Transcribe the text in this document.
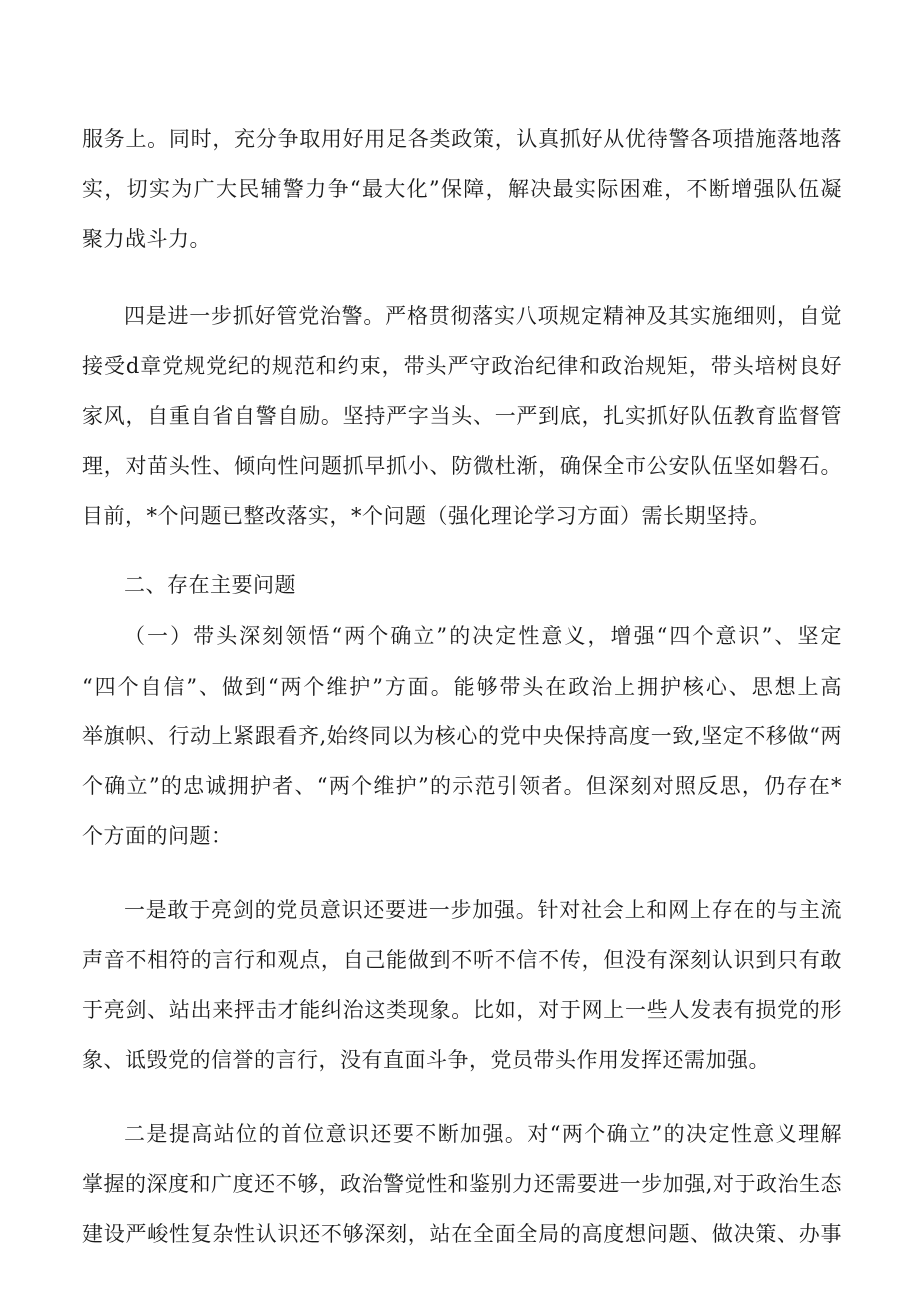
服务上。同时，充分争取用好用足各类政策，认真抓好从优待警各项措施落地落
实，切实为广大民辅警力争“最大化”保障，解决最实际困难，不断增强队伍凝
聚力战斗力。
四是进一步抓好管党治警。严格贯彻落实八项规定精神及其实施细则，自觉
接受d章党规党纪的规范和约束，带头严守政治纪律和政治规矩，带头培树良好
家风，自重自省自警自励。坚持严字当头、一严到底，扎实抓好队伍教育监督管
理，对苗头性、倾向性问题抓早抓小、防微杜渐，确保全市公安队伍坚如磐石。
目前，*个问题已整改落实，*个问题（强化理论学习方面）需长期坚持。
二、存在主要问题
（一）带头深刻领悟“两个确立”的决定性意义，增强“四个意识”、坚定
“四个自信”、做到“两个维护”方面。能够带头在政治上拥护核心、思想上高
举旗帜、行动上紧跟看齐,始终同以为核心的党中央保持高度一致,坚定不移做“两
个确立”的忠诚拥护者、“两个维护”的示范引领者。但深刻对照反思，仍存在*
个方面的问题：
一是敢于亮剑的党员意识还要进一步加强。针对社会上和网上存在的与主流
声音不相符的言行和观点，自己能做到不听不信不传，但没有深刻认识到只有敢
于亮剑、站出来抨击才能纠治这类现象。比如，对于网上一些人发表有损党的形
象、诋毁党的信誉的言行，没有直面斗争，党员带头作用发挥还需加强。
二是提高站位的首位意识还要不断加强。对“两个确立”的决定性意义理解
掌握的深度和广度还不够，政治警觉性和鉴别力还需要进一步加强,对于政治生态
建设严峻性复杂性认识还不够深刻，站在全面全局的高度想问题、做决策、办事
